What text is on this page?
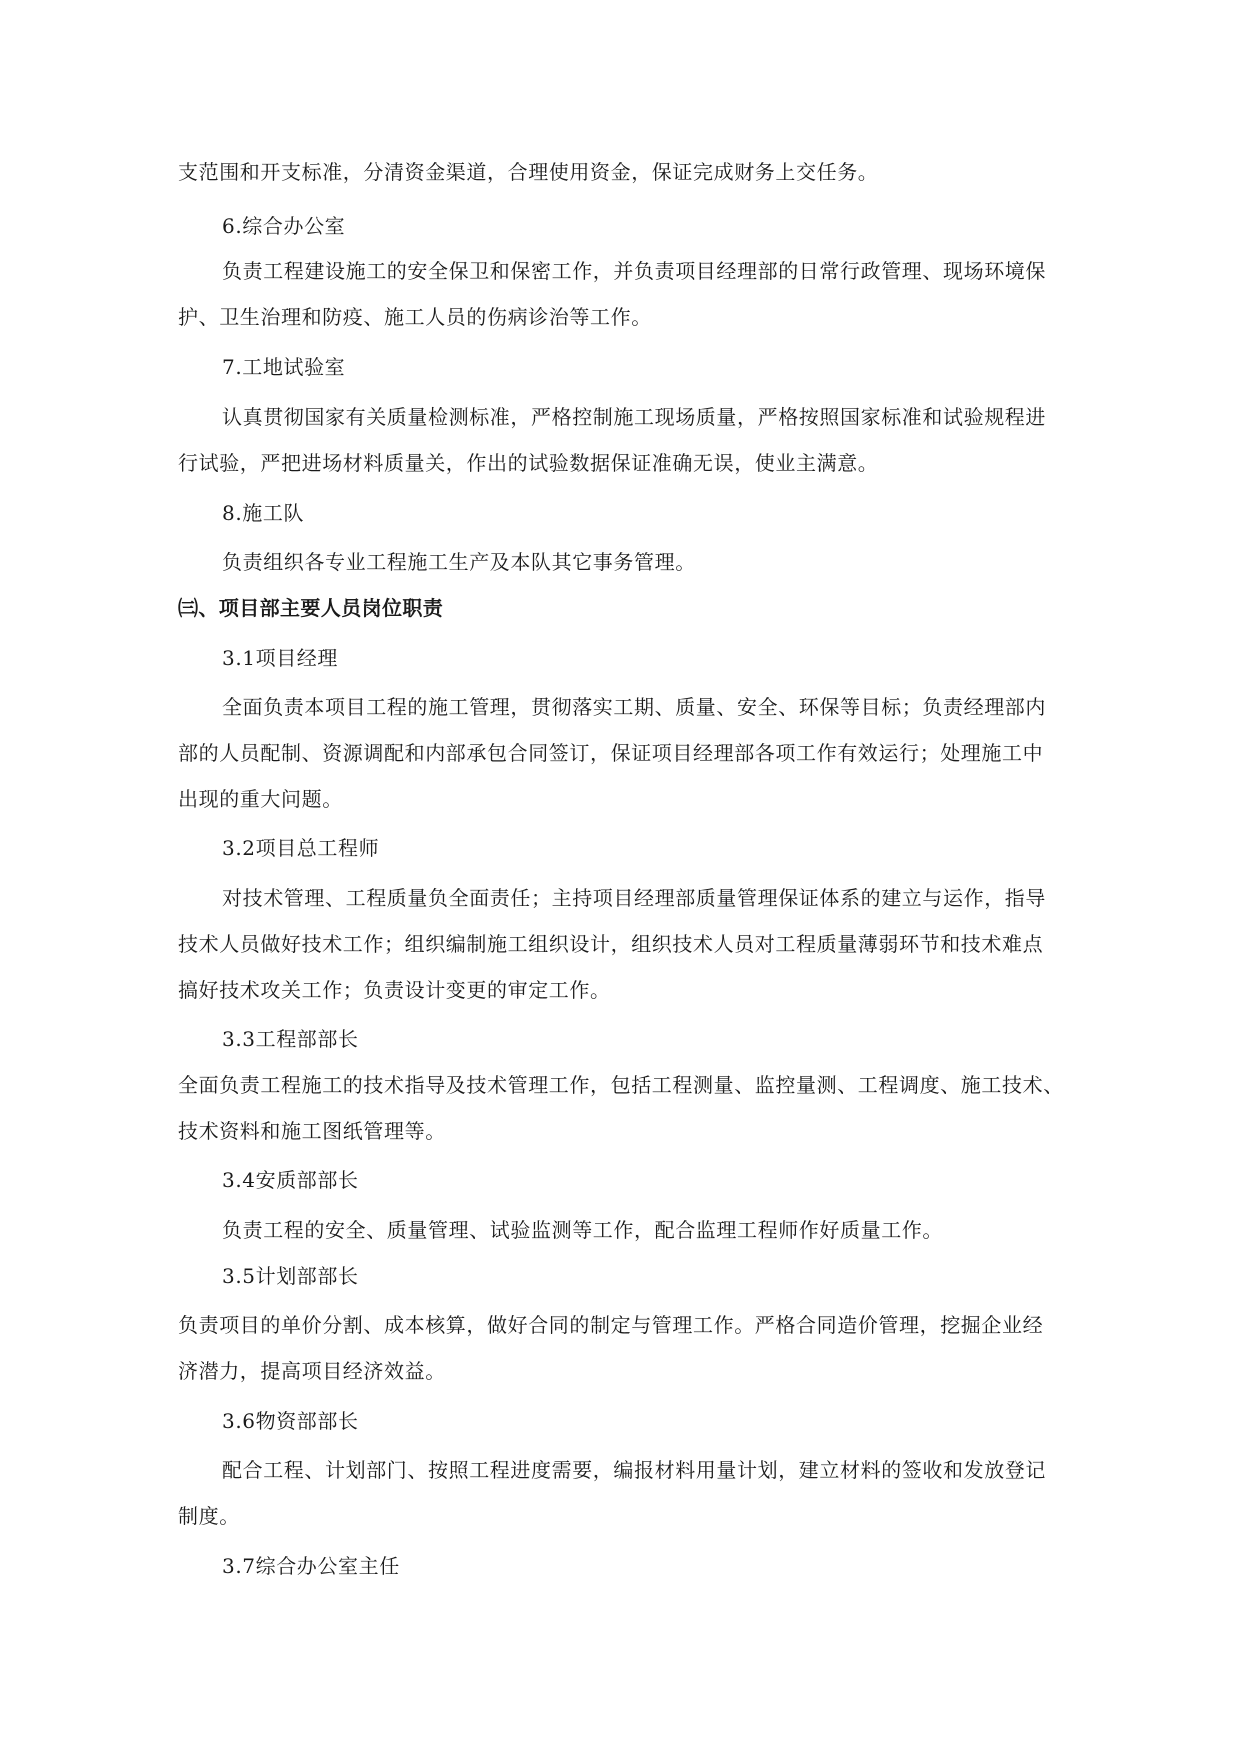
支范围和开支标准，分清资金渠道，合理使用资金，保证完成财务上交任务。
6.综合办公室
负责工程建设施工的安全保卫和保密工作，并负责项目经理部的日常行政管理、现场环境保
护、卫生治理和防疫、施工人员的伤病诊治等工作。
7.工地试验室
认真贯彻国家有关质量检测标准，严格控制施工现场质量，严格按照国家标准和试验规程进
行试验，严把进场材料质量关，作出的试验数据保证准确无误，使业主满意。
8.施工队
负责组织各专业工程施工生产及本队其它事务管理。
㈢、项目部主要人员岗位职责
3.1项目经理
全面负责本项目工程的施工管理，贯彻落实工期、质量、安全、环保等目标；负责经理部内
部的人员配制、资源调配和内部承包合同签订，保证项目经理部各项工作有效运行；处理施工中
出现的重大问题。
3.2项目总工程师
对技术管理、工程质量负全面责任；主持项目经理部质量管理保证体系的建立与运作，指导
技术人员做好技术工作；组织编制施工组织设计，组织技术人员对工程质量薄弱环节和技术难点
搞好技术攻关工作；负责设计变更的审定工作。
3.3工程部部长
全面负责工程施工的技术指导及技术管理工作，包括工程测量、监控量测、工程调度、施工技术、
技术资料和施工图纸管理等。
3.4安质部部长
负责工程的安全、质量管理、试验监测等工作，配合监理工程师作好质量工作。
3.5计划部部长
负责项目的单价分割、成本核算，做好合同的制定与管理工作。严格合同造价管理，挖掘企业经
济潜力，提高项目经济效益。
3.6物资部部长
配合工程、计划部门、按照工程进度需要，编报材料用量计划，建立材料的签收和发放登记
制度。
3.7综合办公室主任
